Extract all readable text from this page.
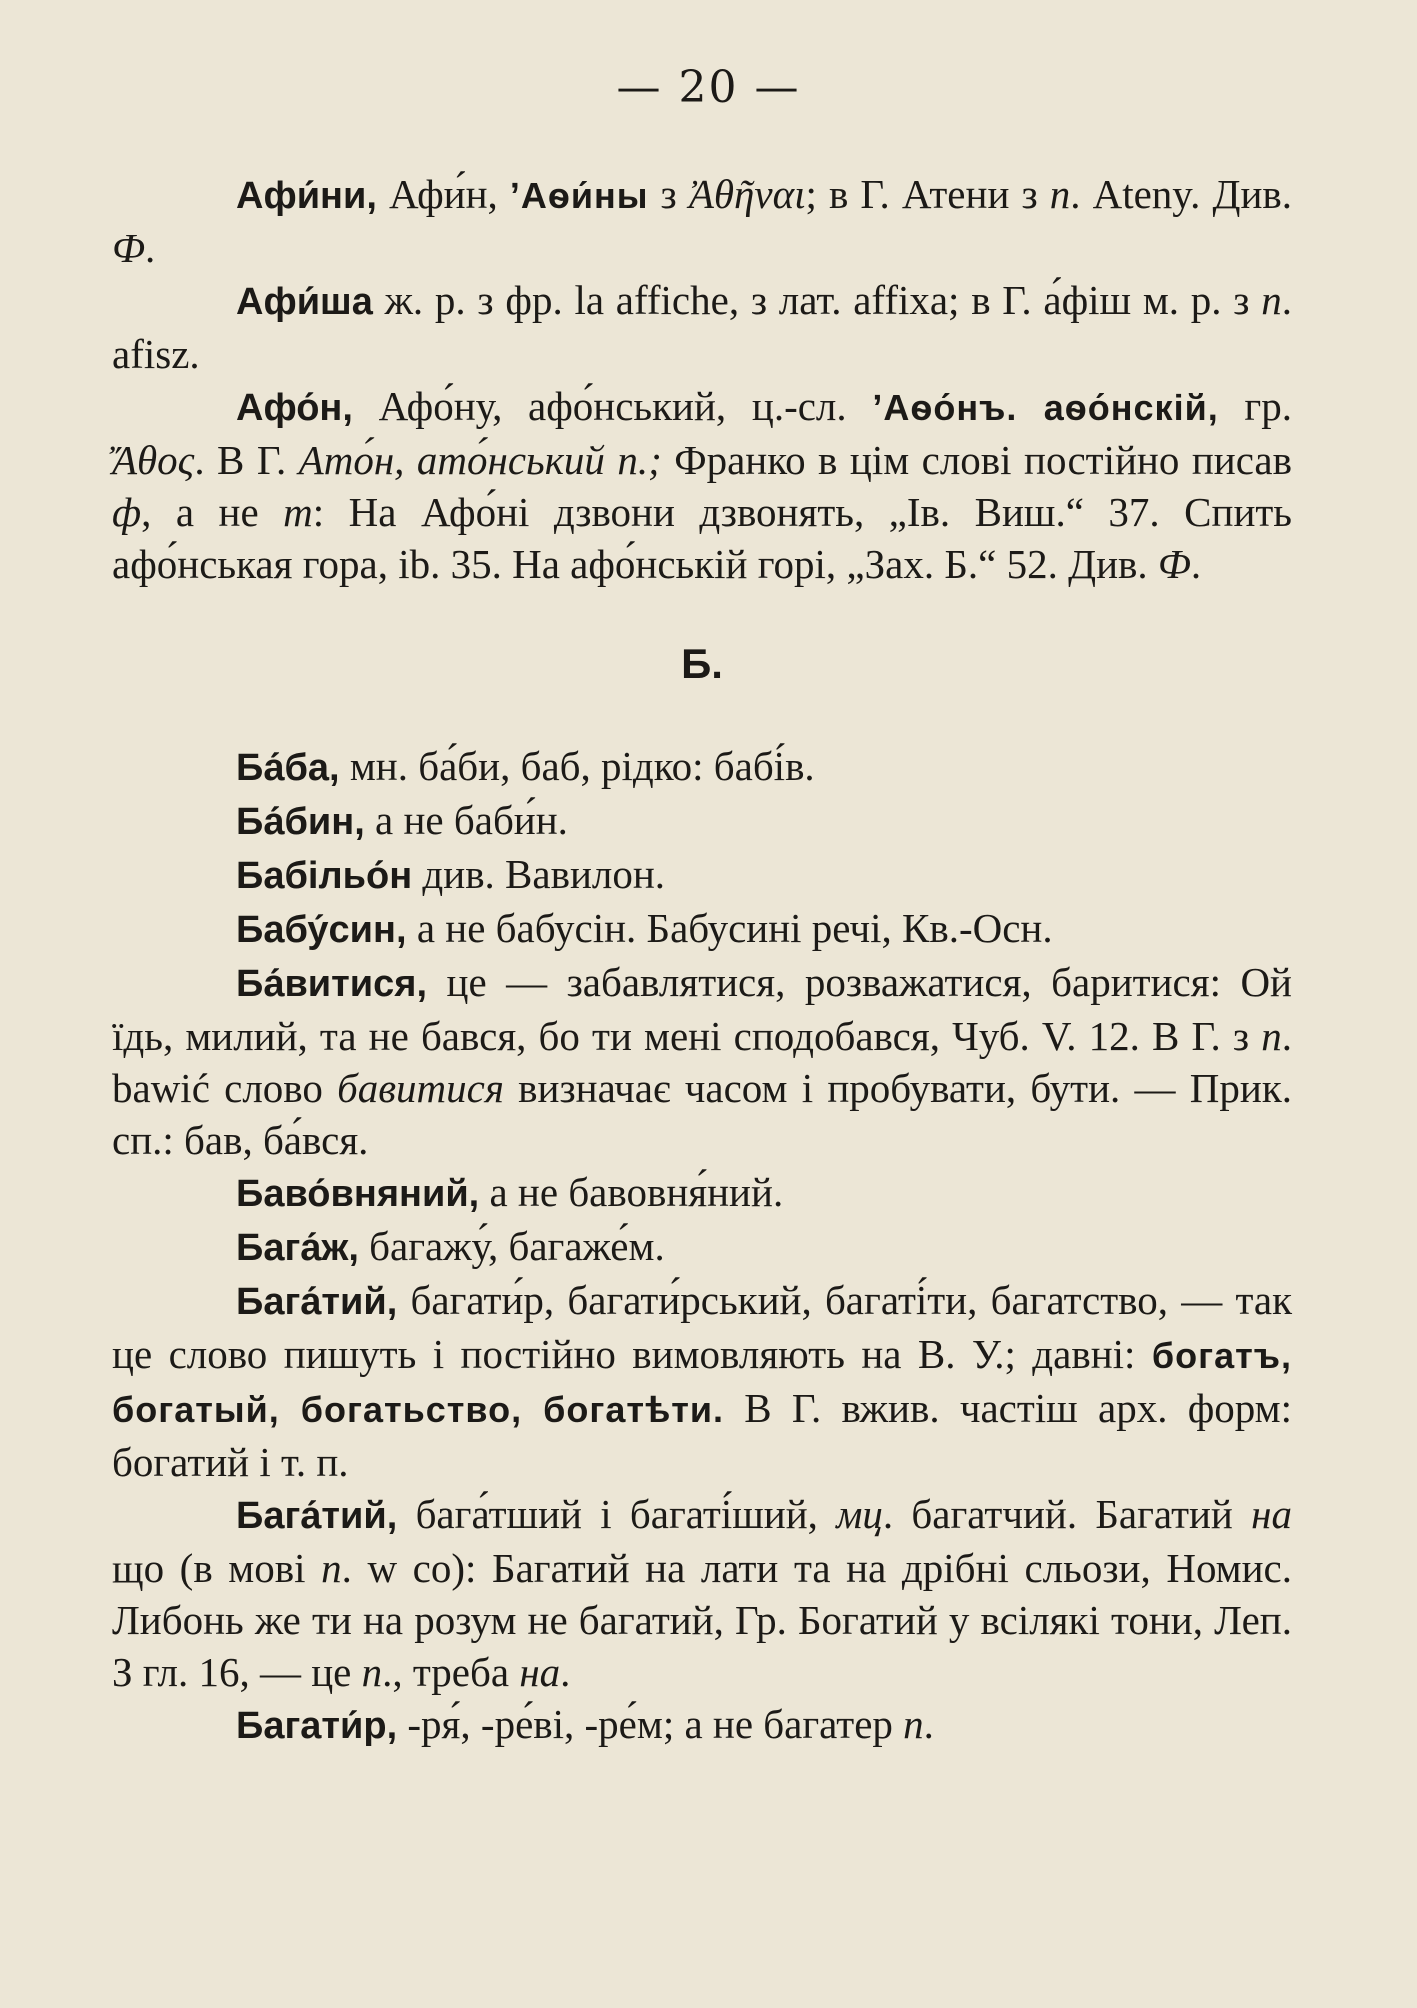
— 20 —

Афи́ни, Афи́н, ʼАѳи́ны з Ἀθῆναι; в Г. Атени з п. Ateny. Див. Ф.

Афи́ша ж. р. з фр. la affiche, з лат. affixa; в Г. а́фіш м. р. з п. afisz.

Афо́н, Афо́ну, афо́нський, ц.-сл. ʼАѳо́нъ. аѳо́нскій, гр. Ἄθος. В Г. Ато́н, ато́нський п.; Франко в цім слові постійно писав ф, а не т: На Афо́ні дзвони дзвонять, „Ів. Виш.“ 37. Спить афо́нськая гора, ib. 35. На афо́нській горі, „Зах. Б.“ 52. Див. Ф.

Б.

Ба́ба, мн. ба́би, баб, рідко: бабі́в.

Ба́бин, а не баби́н.

Бабільо́н див. Вавилон.

Бабу́син, а не бабусін. Бабусині речі, Кв.-Осн.

Ба́витися, це — забавлятися, розважатися, баритися: Ой їдь, милий, та не бався, бо ти мені сподобався, Чуб. V. 12. В Г. з п. bawić слово бавитися визначає часом і пробувати, бути. — Прик. сп.: бав, ба́вся.

Баво́вняний, а не бавовня́ний.

Бага́ж, багажу́, багаже́м.

Бага́тий, багати́р, багати́рський, багаті́ти, багатство, — так це слово пишуть і постійно вимовляють на В. У.; давні: богатъ, богатый, богатьство, богатѣти. В Г. вжив. частіш арх. форм: богатий і т. п.

Бага́тий, бага́тший і багаті́ший, мц. багатчий. Багатий на що (в мові п. w co): Багатий на лати та на дрібні сльози, Номис. Либонь же ти на розум не багатий, Гр. Богатий у всілякі тони, Леп. З гл. 16, — це п., треба на.

Багати́р, -ря́, -ре́ві, -ре́м; а не багатер п.
